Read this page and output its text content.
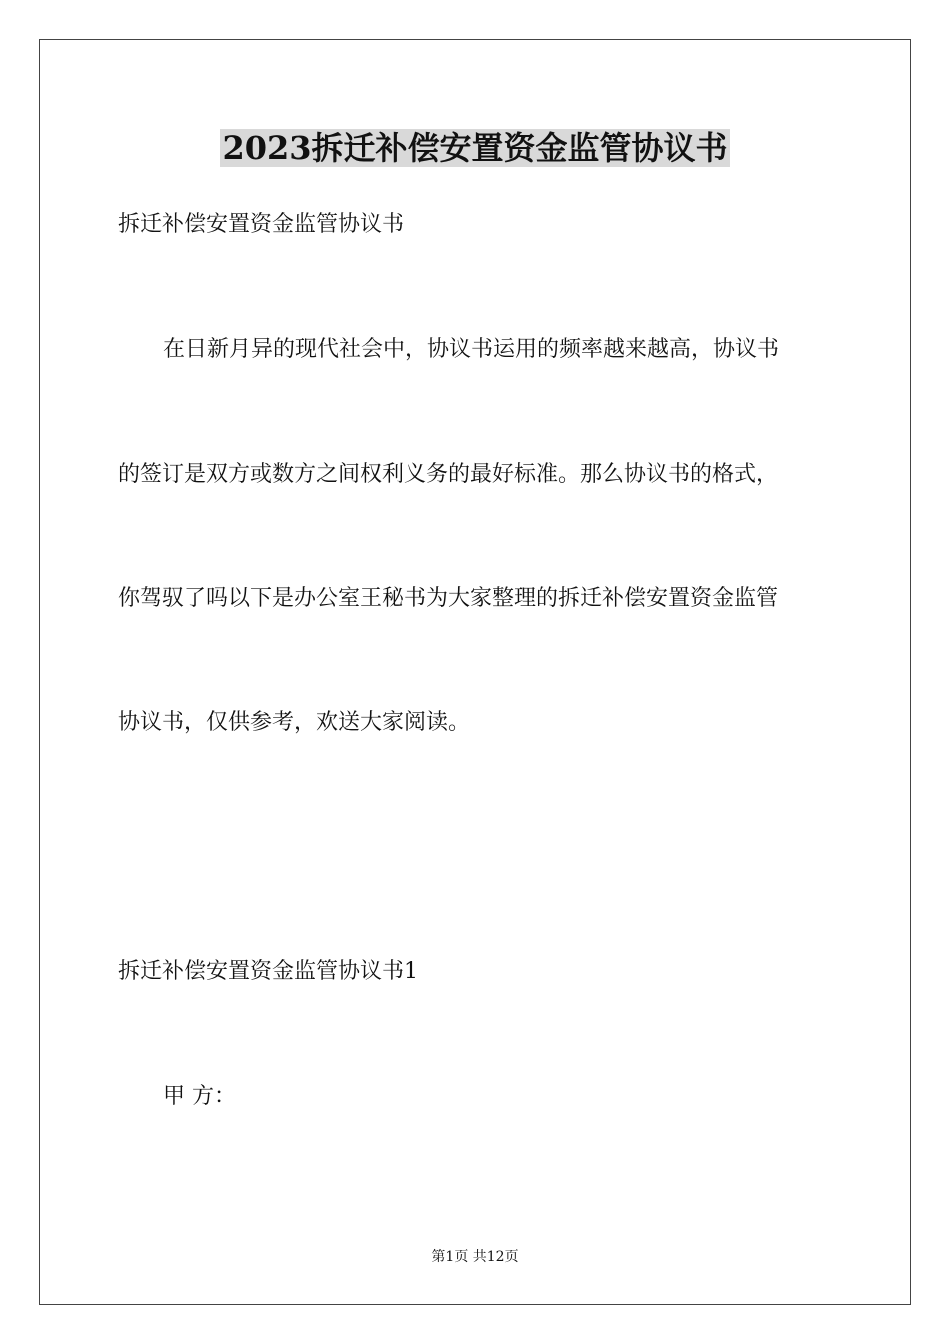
2023拆迁补偿安置资金监管协议书
拆迁补偿安置资金监管协议书
在日新月异的现代社会中，协议书运用的频率越来越高，协议书
的签订是双方或数方之间权利义务的最好标准。那么协议书的格式，
你驾驭了吗以下是办公室王秘书为大家整理的拆迁补偿安置资金监管
协议书，仅供参考，欢送大家阅读。
拆迁补偿安置资金监管协议书1
甲 方：
第1页 共12页
